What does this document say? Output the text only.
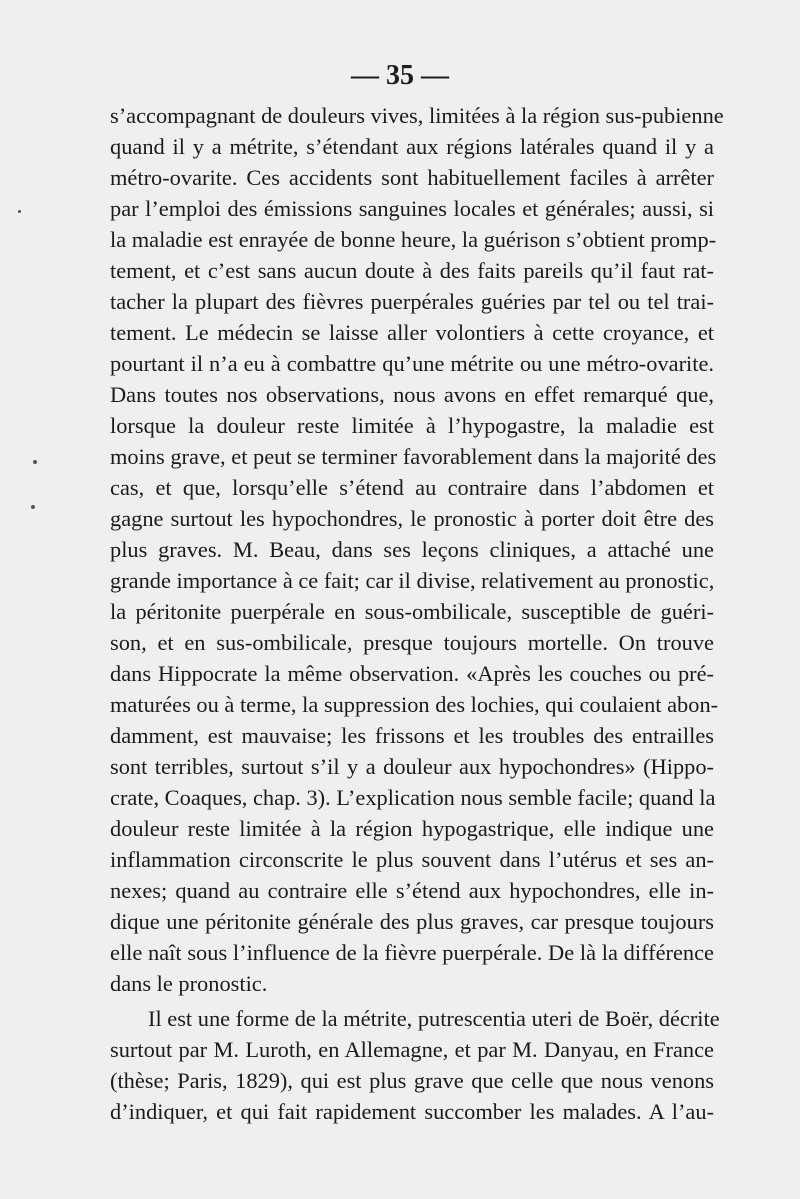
— 35 —
s’accompagnant de douleurs vives, limitées à la région sus-pubienne
quand il y a métrite, s’étendant aux régions latérales quand il y a
métro-ovarite. Ces accidents sont habituellement faciles à arrêter
par l’emploi des émissions sanguines locales et générales; aussi, si
la maladie est enrayée de bonne heure, la guérison s’obtient promp-
tement, et c’est sans aucun doute à des faits pareils qu’il faut rat-
tacher la plupart des fièvres puerpérales guéries par tel ou tel trai-
tement. Le médecin se laisse aller volontiers à cette croyance, et
pourtant il n’a eu à combattre qu’une métrite ou une métro-ovarite.
Dans toutes nos observations, nous avons en effet remarqué que,
lorsque la douleur reste limitée à l’hypogastre, la maladie est
moins grave, et peut se terminer favorablement dans la majorité des
cas, et que, lorsqu’elle s’étend au contraire dans l’abdomen et
gagne surtout les hypochondres, le pronostic à porter doit être des
plus graves. M. Beau, dans ses leçons cliniques, a attaché une
grande importance à ce fait; car il divise, relativement au pronostic,
la péritonite puerpérale en sous-ombilicale, susceptible de guéri-
son, et en sus-ombilicale, presque toujours mortelle. On trouve
dans Hippocrate la même observation. «Après les couches ou pré-
maturées ou à terme, la suppression des lochies, qui coulaient abon-
damment, est mauvaise; les frissons et les troubles des entrailles
sont terribles, surtout s’il y a douleur aux hypochondres» (Hippo-
crate, Coaques, chap. 3). L’explication nous semble facile; quand la
douleur reste limitée à la région hypogastrique, elle indique une
inflammation circonscrite le plus souvent dans l’utérus et ses an-
nexes; quand au contraire elle s’étend aux hypochondres, elle in-
dique une péritonite générale des plus graves, car presque toujours
elle naît sous l’influence de la fièvre puerpérale. De là la différence
dans le pronostic.
Il est une forme de la métrite, putrescentia uteri de Boër, décrite
surtout par M. Luroth, en Allemagne, et par M. Danyau, en France
(thèse; Paris, 1829), qui est plus grave que celle que nous venons
d’indiquer, et qui fait rapidement succomber les malades. A l’au-
